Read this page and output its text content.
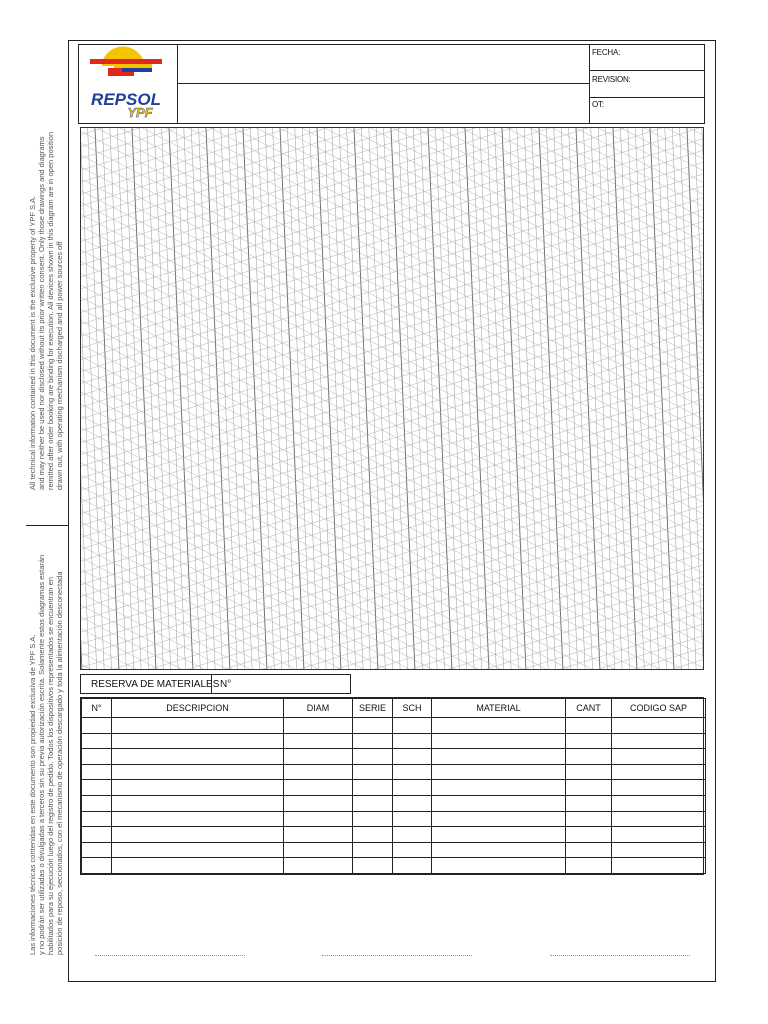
All technical information contained in this document is the exclusive property of YPF S.A. and may neither be used nor disclosed without its prior written consent. Only those drawings and diagrams remitted after order booking are binding for execution. All devices shown in this diagram are in open position drawn out, with operating mechanism discharged and all power sources off
Las informaciones técnicas contenidas en este documento son propiedad exclusiva de YPF S.A. y no podrán ser utilizadas o divulgadas a terceros sin su previa autorización escrita. Solamente estos diagramas estarán habilitados para su ejecución luego del registro de pedido. Todos los dispositivos representados se encuentran en posición de reposo, seccionados, con el mecanismo de operación descargado y toda la alimentación desconectada
REPSOL
YPF
FECHA:
REVISION:
OT:
RESERVA DE MATERIALES N°
N°	DESCRIPCION	DIAM	SERIE	SCH	MATERIAL	CANT	CODIGO SAP
